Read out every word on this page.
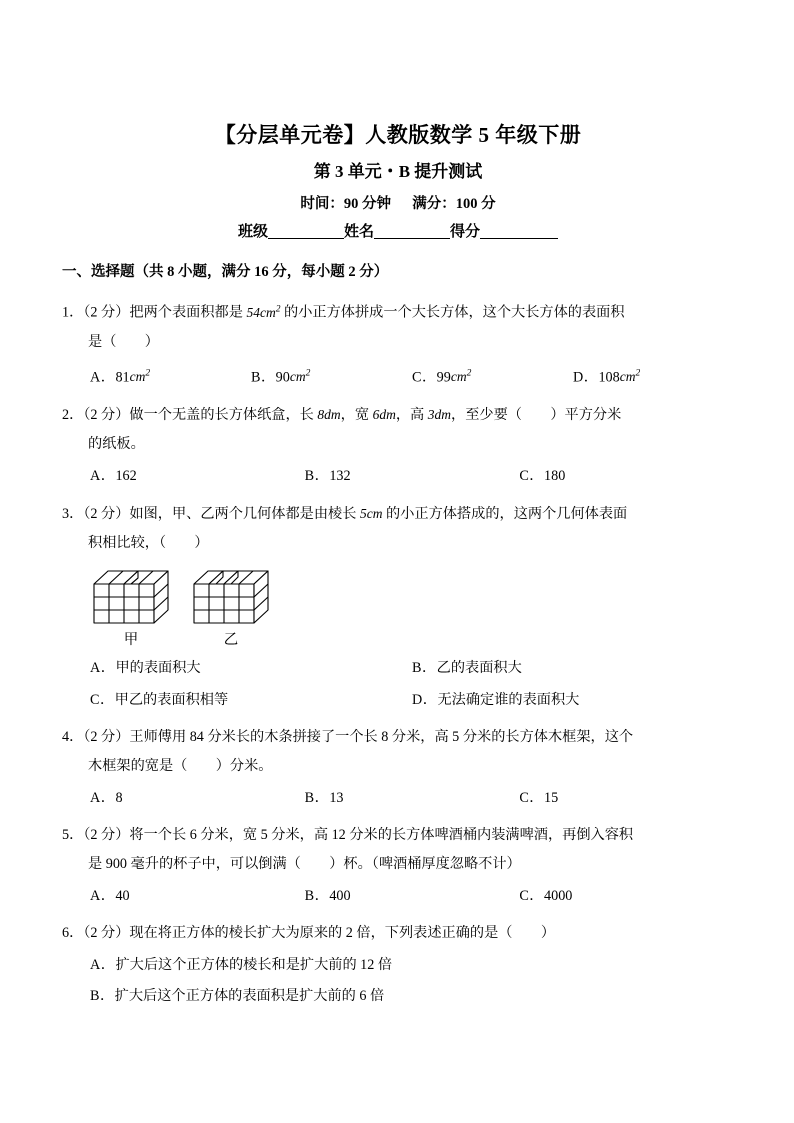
【分层单元卷】人教版数学 5 年级下册
第 3 单元・B 提升测试
时间：90 分钟 满分：100 分
班级	姓名	得分
一、选择题（共 8 小题，满分 16 分，每小题 2 分）
1．（2 分）把两个表面积都是 $54cm^2$ 的小正方体拼成一个大长方体，这个大长方体的表面积
是（　　）
A．$81cm^2$	B．$90cm^2$	C．$99cm^2$	D．$108cm^2$
2．（2 分）做一个无盖的长方体纸盒，长 8dm，宽 6dm，高 3dm，至少要（　　）平方分米
的纸板。
A．162	B．132	C．180
3．（2 分）如图，甲、乙两个几何体都是由棱长 5cm 的小正方体搭成的，这两个几何体表面
积相比较，（　　）
甲	乙
A．甲的表面积大	B．乙的表面积大
C．甲乙的表面积相等	D．无法确定谁的表面积大
4．（2 分）王师傅用 84 分米长的木条拼接了一个长 8 分米，高 5 分米的长方体木框架，这个
木框架的宽是（　　）分米。
A．8	B．13	C．15
5．（2 分）将一个长 6 分米，宽 5 分米，高 12 分米的长方体啤酒桶内装满啤酒，再倒入容积
是 900 毫升的杯子中，可以倒满（　　）杯。（啤酒桶厚度忽略不计）
A．40	B．400	C．4000
6．（2 分）现在将正方体的棱长扩大为原来的 2 倍，下列表述正确的是（　　）
A．扩大后这个正方体的棱长和是扩大前的 12 倍
B．扩大后这个正方体的表面积是扩大前的 6 倍
